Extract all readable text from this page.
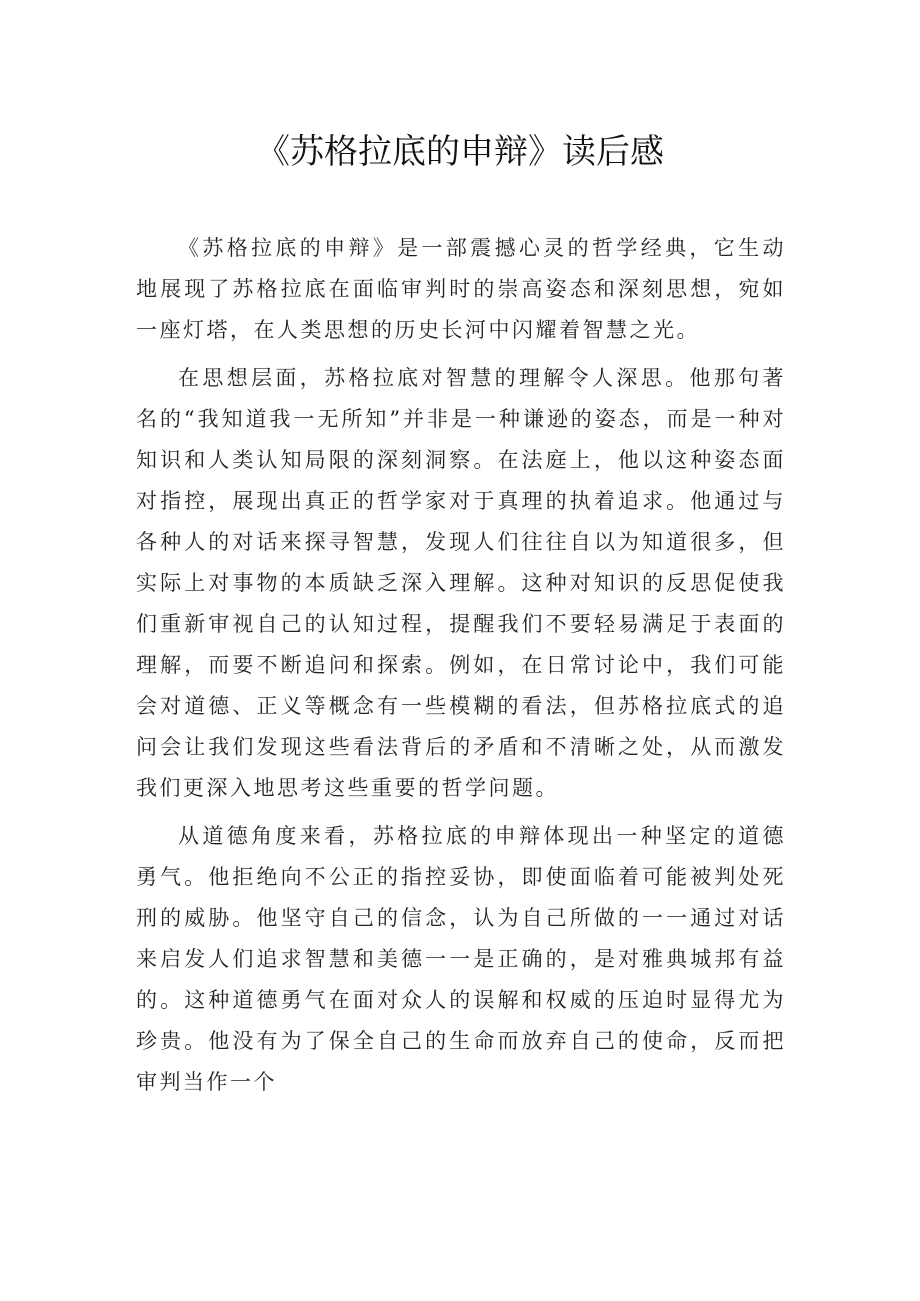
《苏格拉底的申辩》读后感

《苏格拉底的申辩》是一部震撼心灵的哲学经典，它生动地展现了苏格拉底在面临审判时的崇高姿态和深刻思想，宛如一座灯塔，在人类思想的历史长河中闪耀着智慧之光。

在思想层面，苏格拉底对智慧的理解令人深思。他那句著名的“我知道我一无所知”并非是一种谦逊的姿态，而是一种对知识和人类认知局限的深刻洞察。在法庭上，他以这种姿态面对指控，展现出真正的哲学家对于真理的执着追求。他通过与各种人的对话来探寻智慧，发现人们往往自以为知道很多，但实际上对事物的本质缺乏深入理解。这种对知识的反思促使我们重新审视自己的认知过程，提醒我们不要轻易满足于表面的理解，而要不断追问和探索。例如，在日常讨论中，我们可能会对道德、正义等概念有一些模糊的看法，但苏格拉底式的追问会让我们发现这些看法背后的矛盾和不清晰之处，从而激发我们更深入地思考这些重要的哲学问题。

从道德角度来看，苏格拉底的申辩体现出一种坚定的道德勇气。他拒绝向不公正的指控妥协，即使面临着可能被判处死刑的威胁。他坚守自己的信念，认为自己所做的一一通过对话来启发人们追求智慧和美德一一是正确的，是对雅典城邦有益的。这种道德勇气在面对众人的误解和权威的压迫时显得尤为珍贵。他没有为了保全自己的生命而放弃自己的使命，反而把审判当作一个
